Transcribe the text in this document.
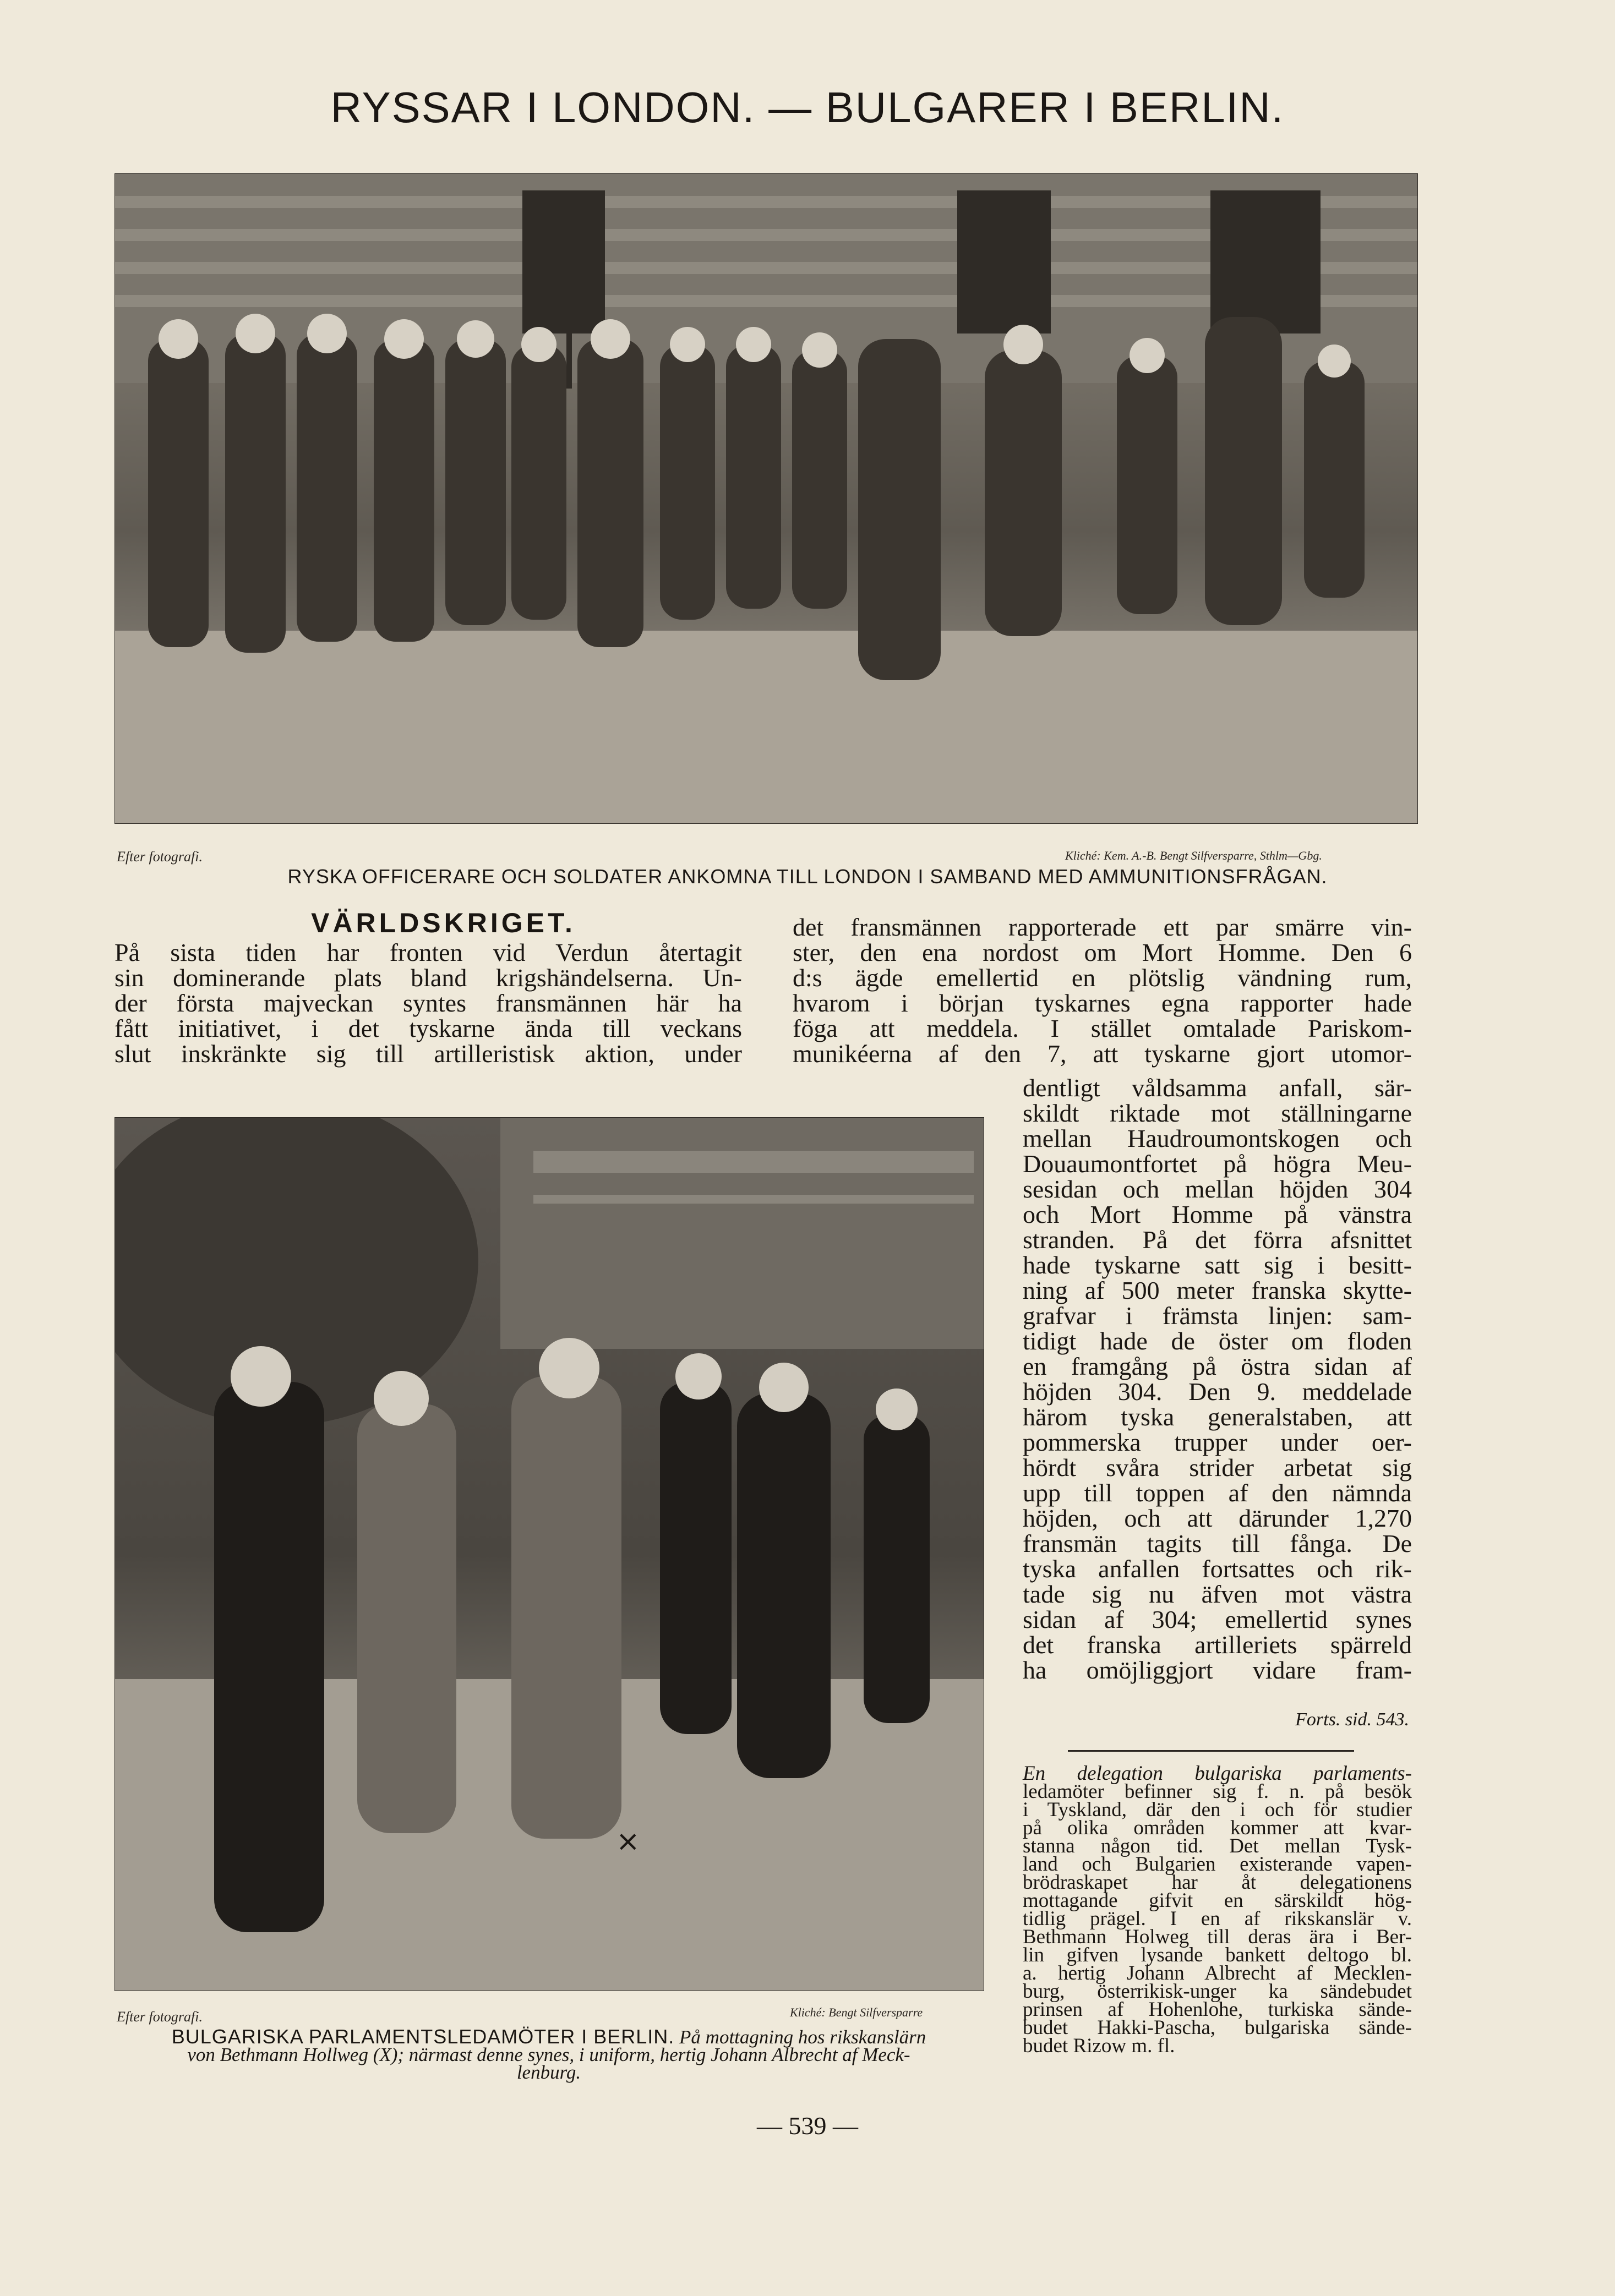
RYSSAR I LONDON. — BULGARER I BERLIN.
Efter fotografi.	Kliché: Kem. A.-B. Bengt Silfversparre, Sthlm—Gbg.
RYSKA OFFICERARE OCH SOLDATER ANKOMNA TILL LONDON I SAMBAND MED AMMUNITIONSFRÅGAN.
VÄRLDSKRIGET.
På sista tiden har fronten vid Verdun återtagit
sin dominerande plats bland krigshändelserna. Un-
der första majveckan syntes fransmännen här ha
fått initiativet, i det tyskarne ända till veckans
slut inskränkte sig till artilleristisk aktion, under
det fransmännen rapporterade ett par smärre vin-
ster, den ena nordost om Mort Homme. Den 6
d:s ägde emellertid en plötslig vändning rum,
hvarom i början tyskarnes egna rapporter hade
föga att meddela. I stället omtalade Pariskom-
munikéerna af den 7, att tyskarne gjort utomor-
dentligt våldsamma anfall, sär-
skildt riktade mot ställningarne
mellan Haudroumontskogen och
Douaumontfortet på högra Meu-
sesidan och mellan höjden 304
och Mort Homme på vänstra
stranden. På det förra afsnittet
hade tyskarne satt sig i besitt-
ning af 500 meter franska skytte-
grafvar i främsta linjen: sam-
tidigt hade de öster om floden
en framgång på östra sidan af
höjden 304. Den 9. meddelade
härom tyska generalstaben, att
pommerska trupper under oer-
hördt svåra strider arbetat sig
upp till toppen af den nämnda
höjden, och att därunder 1,270
fransmän tagits till fånga. De
tyska anfallen fortsattes och rik-
tade sig nu äfven mot västra
sidan af 304; emellertid synes
det franska artilleriets spärreld
ha omöjliggjort vidare fram-
Forts. sid. 543.
En delegation bulgariska parlaments-
ledamöter befinner sig f. n. på besök
i Tyskland, där den i och för studier
på olika områden kommer att kvar-
stanna någon tid. Det mellan Tysk-
land och Bulgarien existerande vapen-
brödraskapet har åt delegationens
mottagande gifvit en särskildt hög-
tidlig prägel. I en af rikskanslär v.
Bethmann Holweg till deras ära i Ber-
lin gifven lysande bankett deltogo bl.
a. hertig Johann Albrecht af Mecklen-
burg, österrikisk-unger ka sändebudet
prinsen af Hohenlohe, turkiska sände-
budet Hakki-Pascha, bulgariska sände-
budet Rizow m. fl.
×
Efter fotografi.	Kliché: Bengt Silfversparre
BULGARISKA PARLAMENTSLEDAMÖTER I BERLIN. På mottagning hos rikskanslärn
von Bethmann Hollweg (X); närmast denne synes, i uniform, hertig Johann Albrecht af Meck-
lenburg.
— 539 —
